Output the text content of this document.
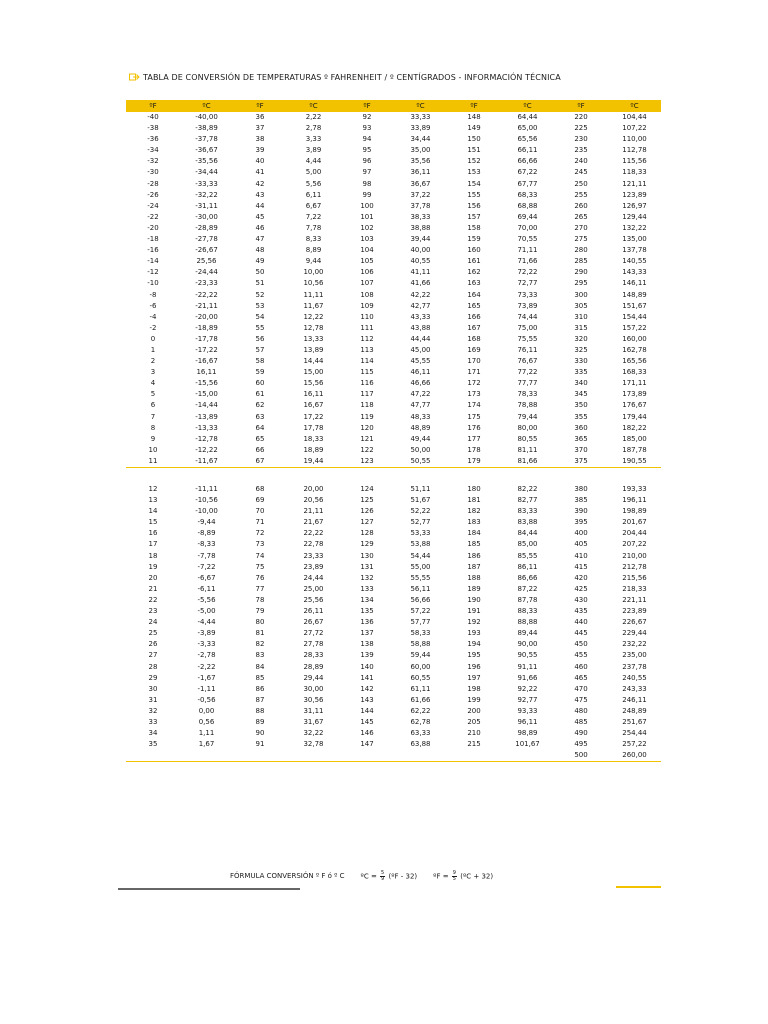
TABLA DE CONVERSIÓN DE TEMPERATURAS º FAHRENHEIT / º CENTÍGRADOS - INFORMACIÓN TÉCNICA
ºF	ºC	ºF	ºC	ºF	ºC	ºF	ºC	ºF	ºC
-40	-40,00	36	2,22	92	33,33	148	64,44	220	104,44
-38	-38,89	37	2,78	93	33,89	149	65,00	225	107,22
-36	-37,78	38	3,33	94	34,44	150	65,56	230	110,00
-34	-36,67	39	3,89	95	35,00	151	66,11	235	112,78
-32	-35,56	40	4,44	96	35,56	152	66,66	240	115,56
-30	-34,44	41	5,00	97	36,11	153	67,22	245	118,33
-28	-33,33	42	5,56	98	36,67	154	67,77	250	121,11
-26	-32,22	43	6,11	99	37,22	155	68,33	255	123,89
-24	-31,11	44	6,67	100	37,78	156	68,88	260	126,97
-22	-30,00	45	7,22	101	38,33	157	69,44	265	129,44
-20	-28,89	46	7,78	102	38,88	158	70,00	270	132,22
-18	-27,78	47	8,33	103	39,44	159	70,55	275	135,00
-16	-26,67	48	8,89	104	40,00	160	71,11	280	137,78
-14	25,56	49	9,44	105	40,55	161	71,66	285	140,55
-12	-24,44	50	10,00	106	41,11	162	72,22	290	143,33
-10	-23,33	51	10,56	107	41,66	163	72,77	295	146,11
-8	-22,22	52	11,11	108	42,22	164	73,33	300	148,89
-6	-21,11	53	11,67	109	42,77	165	73,89	305	151,67
-4	-20,00	54	12,22	110	43,33	166	74,44	310	154,44
-2	-18,89	55	12,78	111	43,88	167	75,00	315	157,22
0	-17,78	56	13,33	112	44,44	168	75,55	320	160,00
1	-17,22	57	13,89	113	45,00	169	76,11	325	162,78
2	-16,67	58	14,44	114	45,55	170	76,67	330	165,56
3	16,11	59	15,00	115	46,11	171	77,22	335	168,33
4	-15,56	60	15,56	116	46,66	172	77,77	340	171,11
5	-15,00	61	16,11	117	47,22	173	78,33	345	173,89
6	-14,44	62	16,67	118	47,77	174	78,88	350	176,67
7	-13,89	63	17,22	119	48,33	175	79,44	355	179,44
8	-13,33	64	17,78	120	48,89	176	80,00	360	182,22
9	-12,78	65	18,33	121	49,44	177	80,55	365	185,00
10	-12,22	66	18,89	122	50,00	178	81,11	370	187,78
11	-11,67	67	19,44	123	50,55	179	81,66	375	190,55
12	-11,11	68	20,00	124	51,11	180	82,22	380	193,33
13	-10,56	69	20,56	125	51,67	181	82,77	385	196,11
14	-10,00	70	21,11	126	52,22	182	83,33	390	198,89
15	-9,44	71	21,67	127	52,77	183	83,88	395	201,67
16	-8,89	72	22,22	128	53,33	184	84,44	400	204,44
17	-8,33	73	22,78	129	53,88	185	85,00	405	207,22
18	-7,78	74	23,33	130	54,44	186	85,55	410	210,00
19	-7,22	75	23,89	131	55,00	187	86,11	415	212,78
20	-6,67	76	24,44	132	55,55	188	86,66	420	215,56
21	-6,11	77	25,00	133	56,11	189	87,22	425	218,33
22	-5,56	78	25,56	134	56,66	190	87,78	430	221,11
23	-5,00	79	26,11	135	57,22	191	88,33	435	223,89
24	-4,44	80	26,67	136	57,77	192	88,88	440	226,67
25	-3,89	81	27,72	137	58,33	193	89,44	445	229,44
26	-3,33	82	27,78	138	58,88	194	90,00	450	232,22
27	-2,78	83	28,33	139	59,44	195	90,55	455	235,00
28	-2,22	84	28,89	140	60,00	196	91,11	460	237,78
29	-1,67	85	29,44	141	60,55	197	91,66	465	240,55
30	-1,11	86	30,00	142	61,11	198	92,22	470	243,33
31	-0,56	87	30,56	143	61,66	199	92,77	475	246,11
32	0,00	88	31,11	144	62,22	200	93,33	480	248,89
33	0,56	89	31,67	145	62,78	205	96,11	485	251,67
34	1,11	90	32,22	146	63,33	210	98,89	490	254,44
35	1,67	91	32,78	147	63,88	215	101,67	495	257,22
								500	260,00
FÓRMULA CONVERSIÓN º F ó º C ºC = $\frac{5}{9}$ (ºF - 32) ºF = $\frac{9}{5}$ (ºC + 32)
